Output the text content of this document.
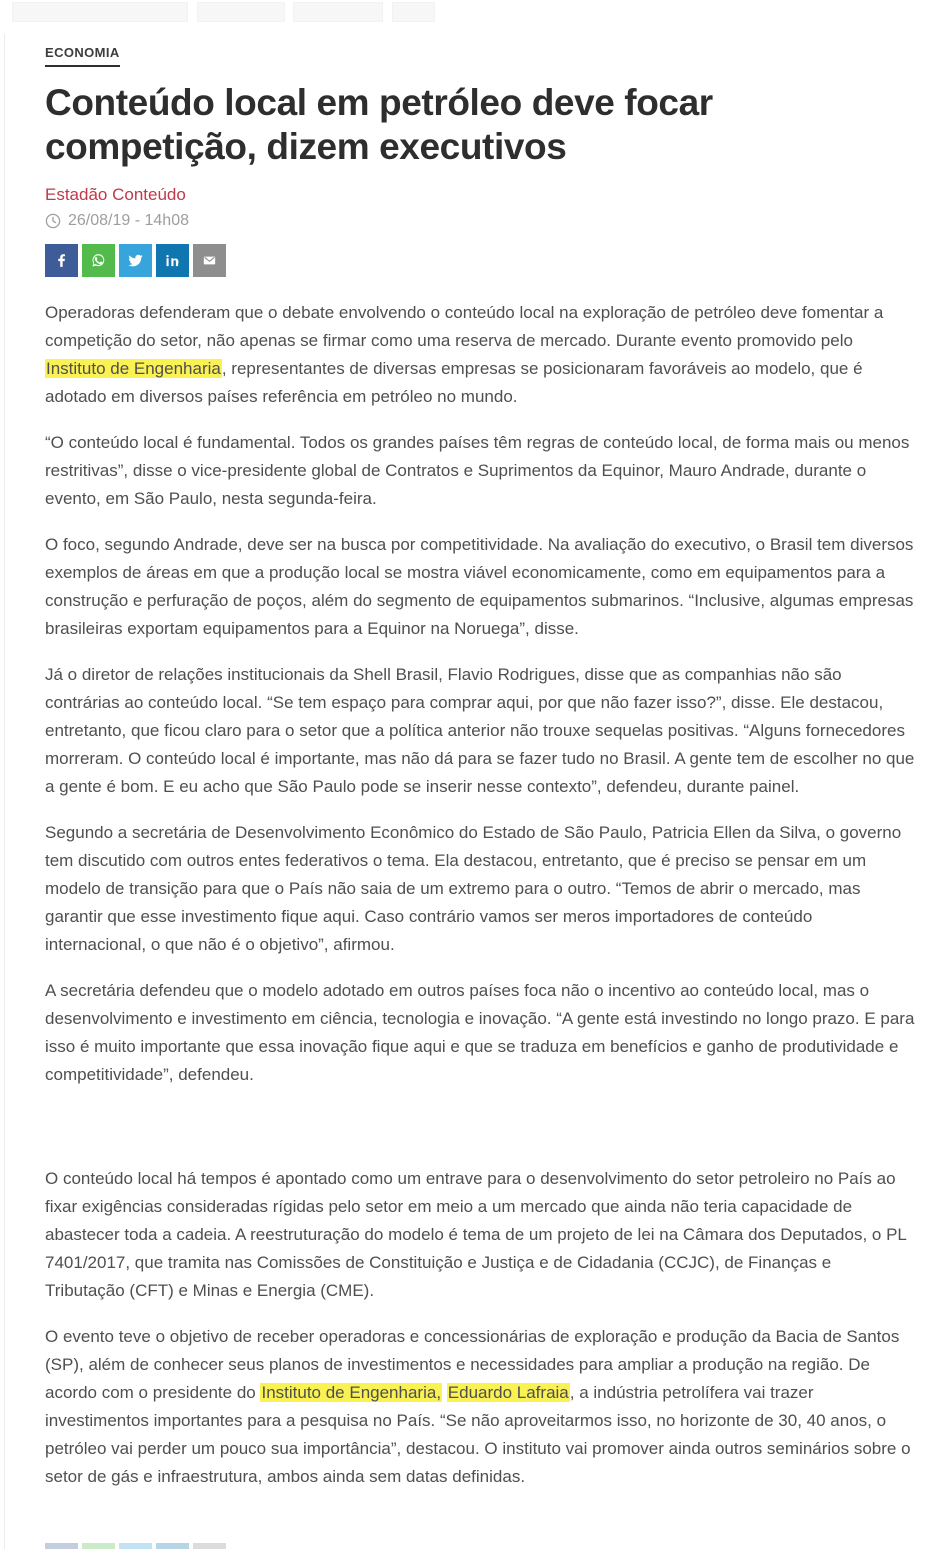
ECONOMIA
Conteúdo local em petróleo deve focar competição, dizem executivos
Estadão Conteúdo
26/08/19 - 14h08

Operadoras defenderam que o debate envolvendo o conteúdo local na exploração de petróleo deve fomentar a competição do setor, não apenas se firmar como uma reserva de mercado. Durante evento promovido pelo Instituto de Engenharia, representantes de diversas empresas se posicionaram favoráveis ao modelo, que é adotado em diversos países referência em petróleo no mundo.

“O conteúdo local é fundamental. Todos os grandes países têm regras de conteúdo local, de forma mais ou menos restritivas”, disse o vice-presidente global de Contratos e Suprimentos da Equinor, Mauro Andrade, durante o evento, em São Paulo, nesta segunda-feira.

O foco, segundo Andrade, deve ser na busca por competitividade. Na avaliação do executivo, o Brasil tem diversos exemplos de áreas em que a produção local se mostra viável economicamente, como em equipamentos para a construção e perfuração de poços, além do segmento de equipamentos submarinos. “Inclusive, algumas empresas brasileiras exportam equipamentos para a Equinor na Noruega”, disse.

Já o diretor de relações institucionais da Shell Brasil, Flavio Rodrigues, disse que as companhias não são contrárias ao conteúdo local. “Se tem espaço para comprar aqui, por que não fazer isso?”, disse. Ele destacou, entretanto, que ficou claro para o setor que a política anterior não trouxe sequelas positivas. “Alguns fornecedores morreram. O conteúdo local é importante, mas não dá para se fazer tudo no Brasil. A gente tem de escolher no que a gente é bom. E eu acho que São Paulo pode se inserir nesse contexto”, defendeu, durante painel.

Segundo a secretária de Desenvolvimento Econômico do Estado de São Paulo, Patricia Ellen da Silva, o governo tem discutido com outros entes federativos o tema. Ela destacou, entretanto, que é preciso se pensar em um modelo de transição para que o País não saia de um extremo para o outro. “Temos de abrir o mercado, mas garantir que esse investimento fique aqui. Caso contrário vamos ser meros importadores de conteúdo internacional, o que não é o objetivo”, afirmou.

A secretária defendeu que o modelo adotado em outros países foca não o incentivo ao conteúdo local, mas o desenvolvimento e investimento em ciência, tecnologia e inovação. “A gente está investindo no longo prazo. E para isso é muito importante que essa inovação fique aqui e que se traduza em benefícios e ganho de produtividade e competitividade”, defendeu.

O conteúdo local há tempos é apontado como um entrave para o desenvolvimento do setor petroleiro no País ao fixar exigências consideradas rígidas pelo setor em meio a um mercado que ainda não teria capacidade de abastecer toda a cadeia. A reestruturação do modelo é tema de um projeto de lei na Câmara dos Deputados, o PL 7401/2017, que tramita nas Comissões de Constituição e Justiça e de Cidadania (CCJC), de Finanças e Tributação (CFT) e Minas e Energia (CME).

O evento teve o objetivo de receber operadoras e concessionárias de exploração e produção da Bacia de Santos (SP), além de conhecer seus planos de investimentos e necessidades para ampliar a produção na região. De acordo com o presidente do Instituto de Engenharia, Eduardo Lafraia, a indústria petrolífera vai trazer investimentos importantes para a pesquisa no País. “Se não aproveitarmos isso, no horizonte de 30, 40 anos, o petróleo vai perder um pouco sua importância”, destacou. O instituto vai promover ainda outros seminários sobre o setor de gás e infraestrutura, ambos ainda sem datas definidas.
